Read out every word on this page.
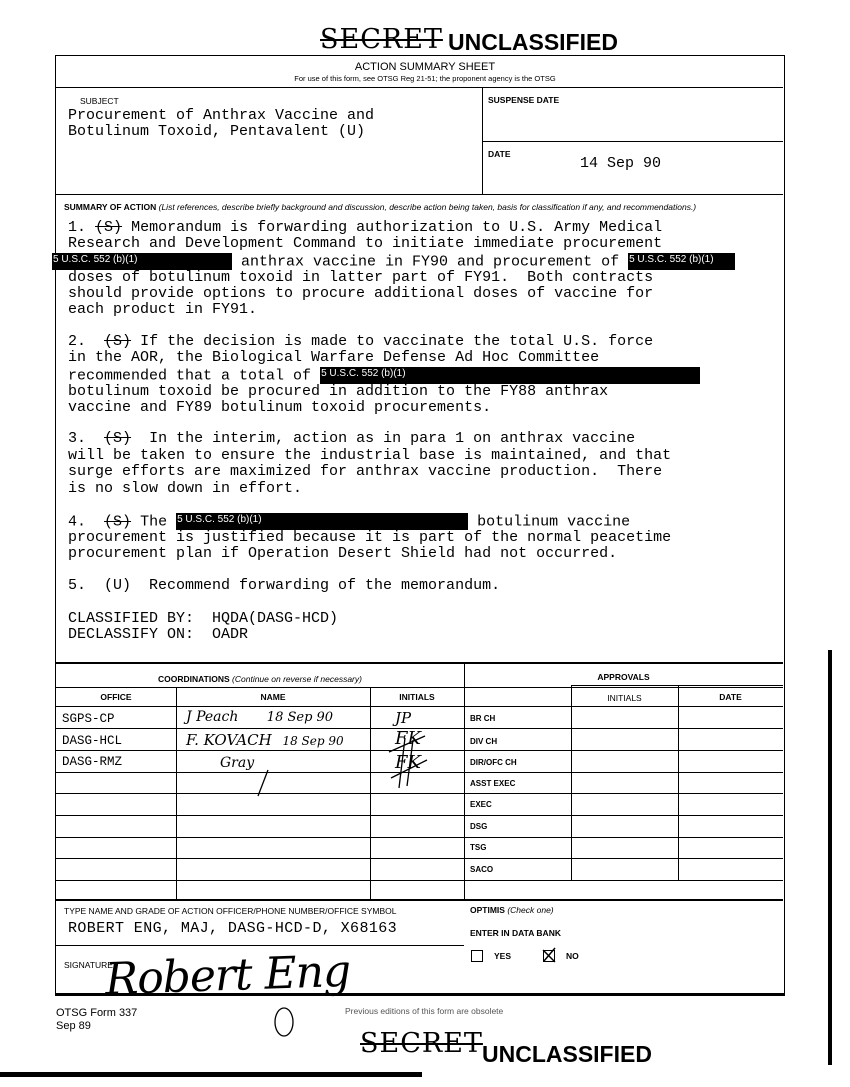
SECRET UNCLASSIFIED
ACTION SUMMARY SHEET
For use of this form, see OTSG Reg 21-51; the proponent agency is the OTSG
SUBJECT
Procurement of Anthrax Vaccine and
Botulinum Toxoid, Pentavalent (U)
SUSPENSE DATE
DATE
14 Sep 90
SUMMARY OF ACTION (List references, describe briefly background and discussion, describe action being taken, basis for classification if any, and recommendations.)
1. (S) Memorandum is forwarding authorization to U.S. Army Medical
Research and Development Command to initiate immediate procurement
5 U.S.C. 552 (b)(1)	anthrax vaccine in FY90 and procurement of 5 U.S.C. 552 (b)(1)
doses of botulinum toxoid in latter part of FY91.  Both contracts
should provide options to procure additional doses of vaccine for
each product in FY91.
2. (S) If the decision is made to vaccinate the total U.S. force
in the AOR, the Biological Warfare Defense Ad Hoc Committee
recommended that a total of 5 U.S.C. 552 (b)(1)
botulinum toxoid be procured in addition to the FY88 anthrax
vaccine and FY89 botulinum toxoid procurements.
3. (S) In the interim, action as in para 1 on anthrax vaccine
will be taken to ensure the industrial base is maintained, and that
surge efforts are maximized for anthrax vaccine production.  There
is no slow down in effort.
4. (S) The 5 U.S.C. 552 (b)(1)	botulinum vaccine
procurement is justified because it is part of the normal peacetime
procurement plan if Operation Desert Shield had not occurred.
5.  (U)  Recommend forwarding of the memorandum.
CLASSIFIED BY:  HQDA(DASG-HCD)
DECLASSIFY ON:  OADR
COORDINATIONS (Continue on reverse if necessary)	APPROVALS
OFFICE	NAME	INITIALS	INITIALS	DATE
SGPS-CP	J Peach 18 Sep 90	JP
DASG-HCL	F. KOVACH 18 Sep 90	FK
DASG-RMZ	Gray	FK
BR CH
DIV CH
DIR/OFC CH
ASST EXEC
EXEC
DSG
TSG
SACO
TYPE NAME AND GRADE OF ACTION OFFICER/PHONE NUMBER/OFFICE SYMBOL
ROBERT ENG, MAJ, DASG-HCD-D, X68163
SIGNATURE
Robert Eng
OPTIMIS (Check one)
ENTER IN DATA BANK
YES	NO
OTSG Form 337
Sep 89
Previous editions of this form are obsolete
SECRET UNCLASSIFIED
